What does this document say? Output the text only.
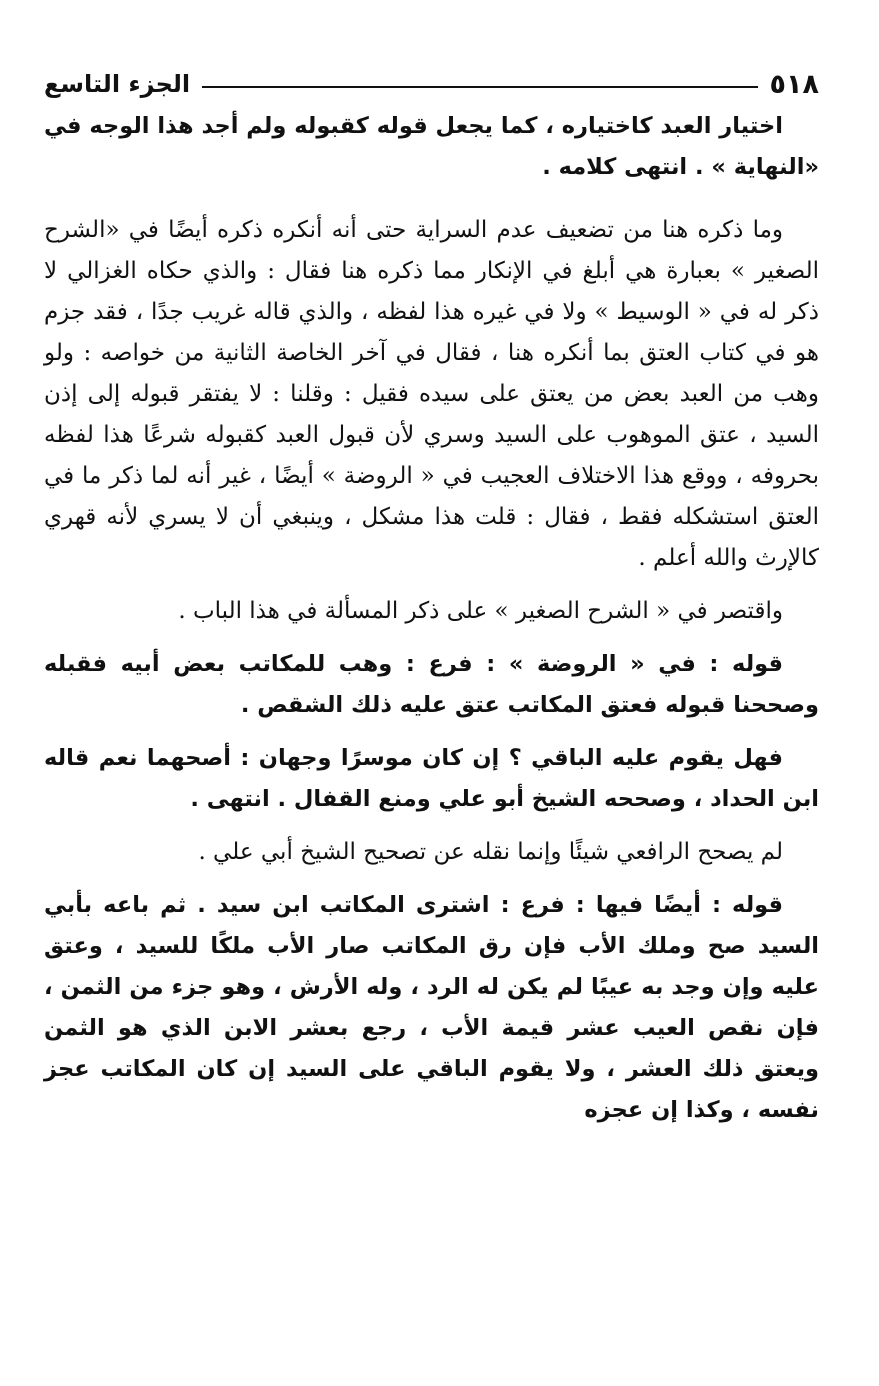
٥١٨
الجزء التاسع

اختيار العبد كاختياره ، كما يجعل قوله كقبوله ولم أجد هذا الوجه في «النهاية » . انتهى كلامه .

وما ذكره هنا من تضعيف عدم السراية حتى أنه أنكره ذكره أيضًا في «الشرح الصغير » بعبارة هي أبلغ في الإنكار مما ذكره هنا فقال : والذي حكاه الغزالي لا ذكر له في « الوسيط » ولا في غيره هذا لفظه ، والذي قاله غريب جدًا ، فقد جزم هو في كتاب العتق بما أنكره هنا ، فقال في آخر الخاصة الثانية من خواصه : ولو وهب من العبد بعض من يعتق على سيده فقيل : وقلنا : لا يفتقر قبوله إلى إذن السيد ، عتق الموهوب على السيد وسري لأن قبول العبد كقبوله شرعًا هذا لفظه بحروفه ، ووقع هذا الاختلاف العجيب في « الروضة » أيضًا ، غير أنه لما ذكر ما في العتق استشكله فقط ، فقال : قلت هذا مشكل ، وينبغي أن لا يسري لأنه قهري كالإرث والله أعلم .

واقتصر في « الشرح الصغير » على ذكر المسألة في هذا الباب .

قوله : في « الروضة » : فرع : وهب للمكاتب بعض أبيه فقبله وصححنا قبوله فعتق المكاتب عتق عليه ذلك الشقص .

فهل يقوم عليه الباقي ؟ إن كان موسرًا وجهان : أصحهما نعم قاله ابن الحداد ، وصححه الشيخ أبو علي ومنع القفال . انتهى .

لم يصحح الرافعي شيئًا وإنما نقله عن تصحيح الشيخ أبي علي .

قوله : أيضًا فيها : فرع : اشترى المكاتب ابن سيد . ثم باعه بأبي السيد صح وملك الأب فإن رق المكاتب صار الأب ملكًا للسيد ، وعتق عليه وإن وجد به عيبًا لم يكن له الرد ، وله الأرش ، وهو جزء من الثمن ، فإن نقص العيب عشر قيمة الأب ، رجع بعشر الابن الذي هو الثمن ويعتق ذلك العشر ، ولا يقوم الباقي على السيد إن كان المكاتب عجز نفسه ، وكذا إن عجزه
